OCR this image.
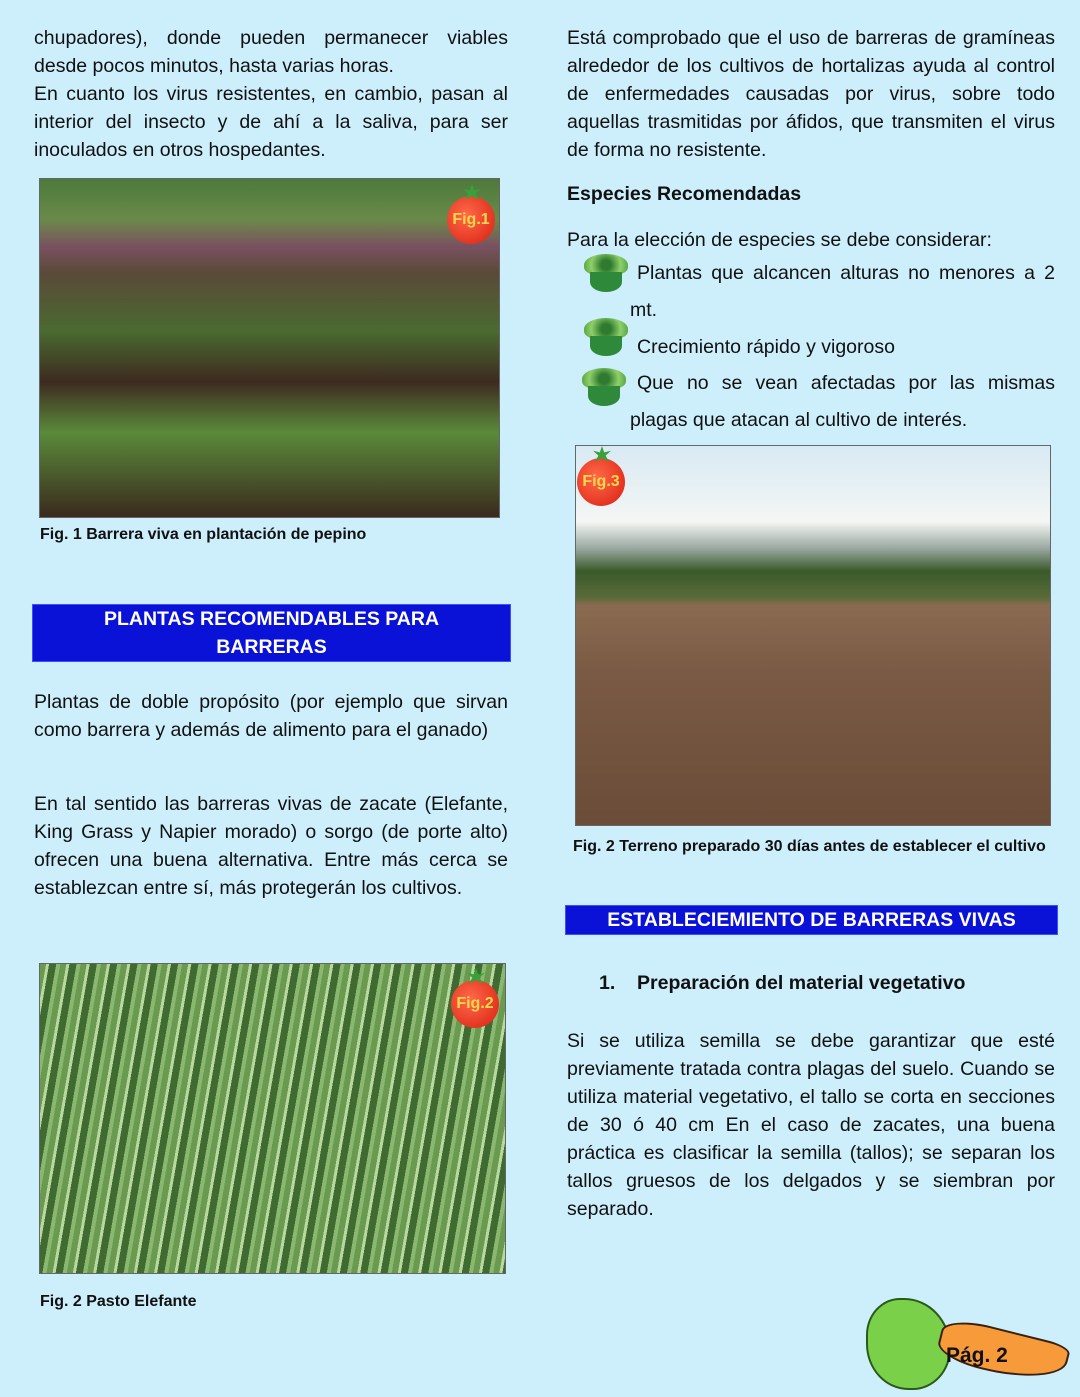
chupadores), donde pueden permanecer viables desde pocos minutos, hasta varias horas.

En cuanto los virus resistentes, en cambio, pasan al interior del insecto y de ahí a la saliva, para ser inoculados en otros hospedantes.

Fig.1
Fig. 1 Barrera viva en plantación de pepino
PLANTAS RECOMENDABLES PARA BARRERAS

Plantas de doble propósito (por ejemplo que sirvan como barrera y además de alimento para el ganado)

En tal sentido las barreras vivas de zacate (Elefante, King Grass y Napier morado) o sorgo (de porte alto) ofrecen una buena alternativa. Entre más cerca se establezcan entre sí, más protegerán los cultivos.

Fig.2
Fig. 2 Pasto Elefante

Está comprobado que el uso de barreras de gramíneas alrededor de los cultivos de hortalizas ayuda al control de enfermedades causadas por virus, sobre todo aquellas trasmitidas por áfidos, que transmiten el virus de forma no resistente.

Especies Recomendadas
Para la elección de especies se debe considerar:

Plantas que alcancen alturas no menores a 2 mt.

Crecimiento rápido y vigoroso

Que no se vean afectadas por las mismas plagas que atacan al cultivo de interés.

Fig.3
Fig. 2 Terreno preparado 30 días antes de establecer el cultivo
ESTABLECIEMIENTO DE BARRERAS VIVAS
1. Preparación del material vegetativo

Si se utiliza semilla se debe garantizar que esté previamente tratada contra plagas del suelo. Cuando se utiliza material vegetativo, el tallo se corta en secciones de 30 ó 40 cm En el caso de zacates, una buena práctica es clasificar la semilla (tallos); se separan los tallos gruesos de los delgados y se siembran por separado.

Pág. 2
